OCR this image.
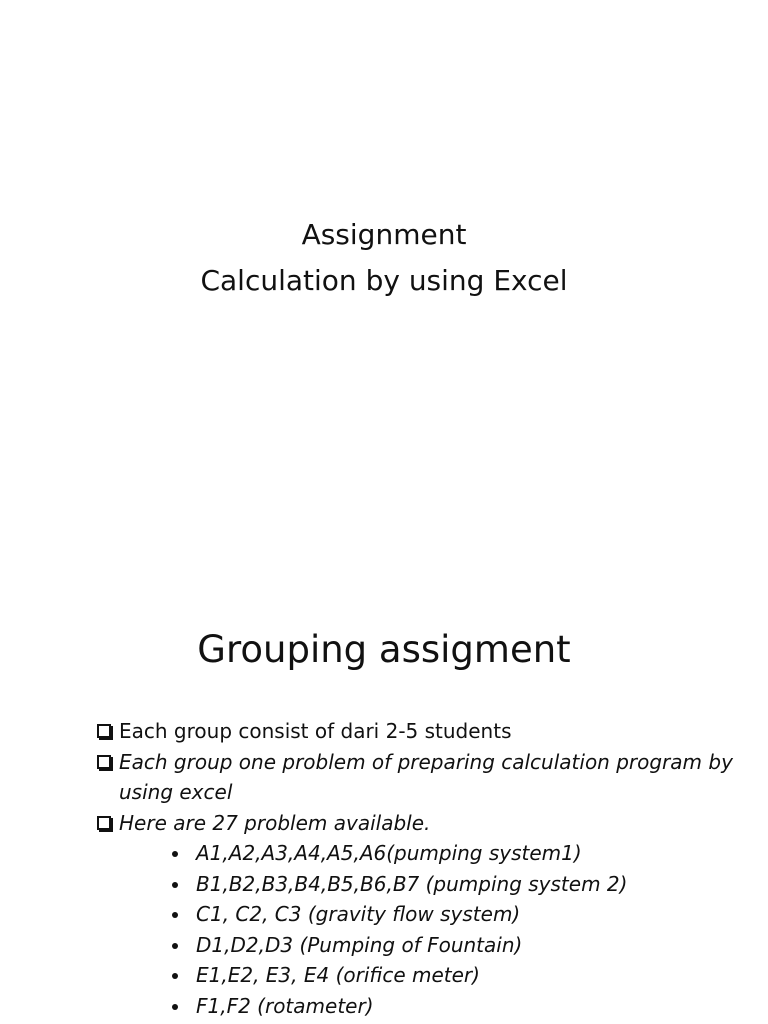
Assignment
Calculation by using Excel
Grouping assigment
Each group consist of dari 2-5 students
Each group one problem of preparing calculation program by using excel
Here are 27 problem available.
A1,A2,A3,A4,A5,A6(pumping system1)
B1,B2,B3,B4,B5,B6,B7 (pumping system 2)
C1, C2, C3 (gravity flow system)
D1,D2,D3 (Pumping of Fountain)
E1,E2, E3, E4 (orifice meter)
F1,F2 (rotameter)
